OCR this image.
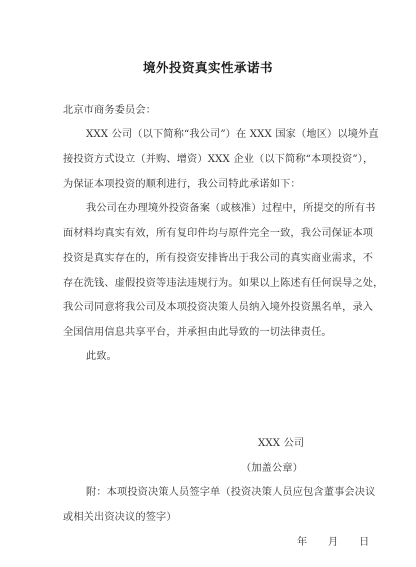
境外投资真实性承诺书
北京市商务委员会：
XXX 公司（以下简称“我公司”）在 XXX 国家（地区）以境外直
接投资方式设立（并购、增资）XXX 企业（以下简称“本项投资”），
为保证本项投资的顺利进行，我公司特此承诺如下：
我公司在办理境外投资备案（或核准）过程中，所提交的所有书
面材料均真实有效，所有复印件均与原件完全一致，我公司保证本项
投资是真实存在的，所有投资安排皆出于我公司的真实商业需求，不
存在洗钱、虚假投资等违法违规行为。如果以上陈述有任何误导之处，
我公司同意将我公司及本项投资决策人员纳入境外投资黑名单，录入
全国信用信息共享平台，并承担由此导致的一切法律责任。
此致。
XXX 公司
（加盖公章）
附：本项投资决策人员签字单（投资决策人员应包含董事会决议
或相关出资决议的签字）
年　　月　　日
